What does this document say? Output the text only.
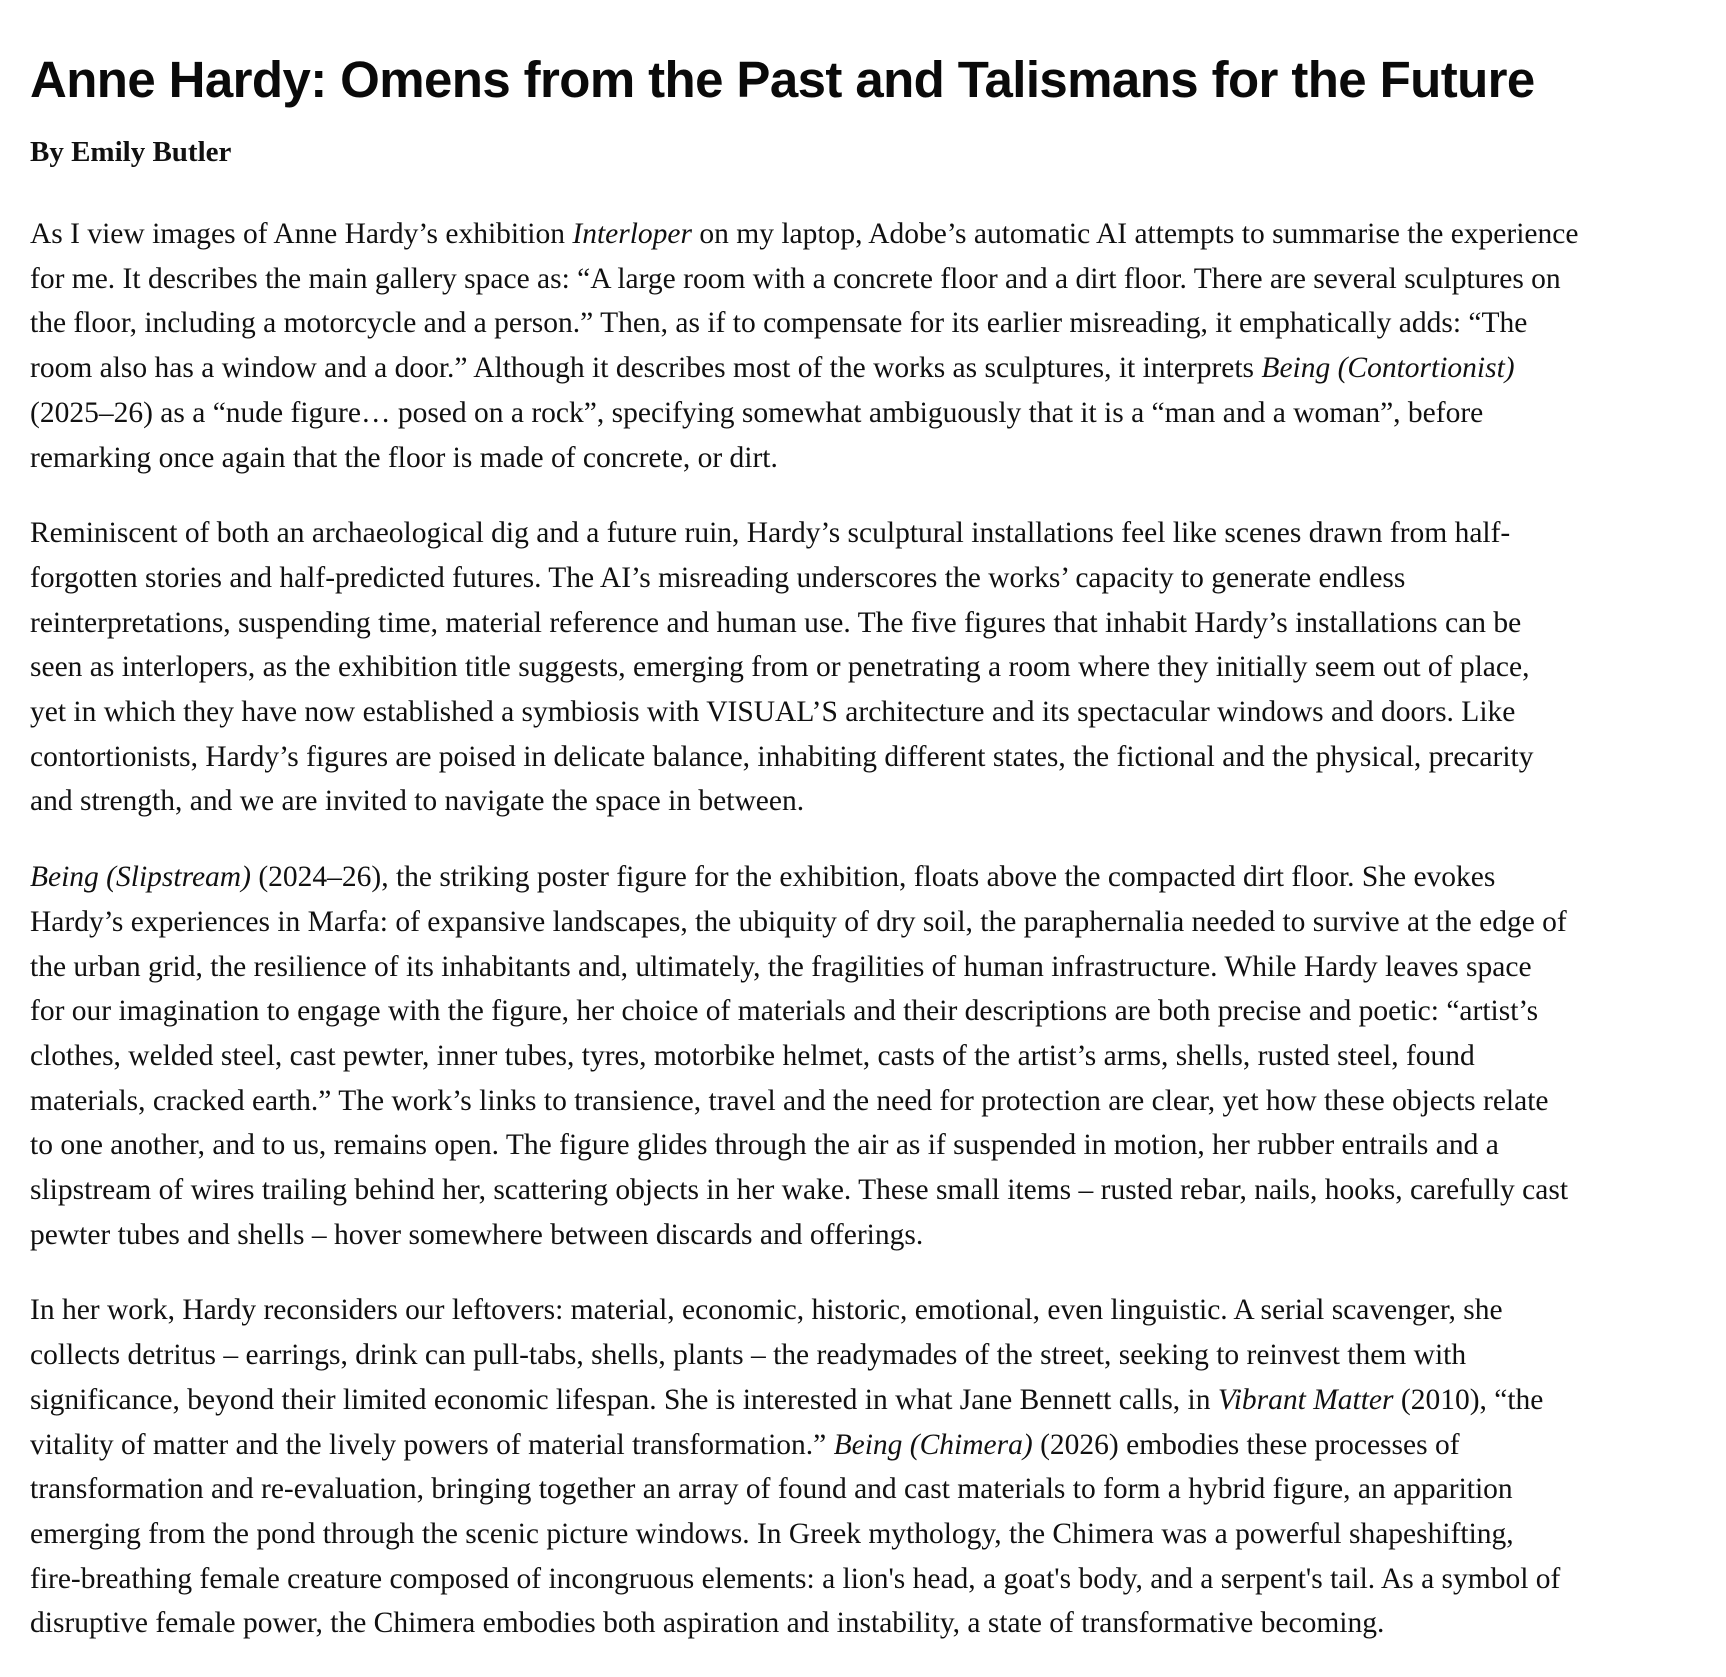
Anne Hardy: Omens from the Past and Talismans for the Future
By Emily Butler

As I view images of Anne Hardy’s exhibition Interloper on my laptop, Adobe’s automatic AI attempts to summarise the experience
for me. It describes the main gallery space as: “A large room with a concrete floor and a dirt floor. There are several sculptures on
the floor, including a motorcycle and a person.” Then, as if to compensate for its earlier misreading, it emphatically adds: “The
room also has a window and a door.” Although it describes most of the works as sculptures, it interprets Being (Contortionist)
(2025–26) as a “nude figure… posed on a rock”, specifying somewhat ambiguously that it is a “man and a woman”, before
remarking once again that the floor is made of concrete, or dirt.

Reminiscent of both an archaeological dig and a future ruin, Hardy’s sculptural installations feel like scenes drawn from half-
forgotten stories and half-predicted futures. The AI’s misreading underscores the works’ capacity to generate endless
reinterpretations, suspending time, material reference and human use. The five figures that inhabit Hardy’s installations can be
seen as interlopers, as the exhibition title suggests, emerging from or penetrating a room where they initially seem out of place,
yet in which they have now established a symbiosis with VISUAL’S architecture and its spectacular windows and doors. Like
contortionists, Hardy’s figures are poised in delicate balance, inhabiting different states, the fictional and the physical, precarity
and strength, and we are invited to navigate the space in between.

Being (Slipstream) (2024–26), the striking poster figure for the exhibition, floats above the compacted dirt floor. She evokes
Hardy’s experiences in Marfa: of expansive landscapes, the ubiquity of dry soil, the paraphernalia needed to survive at the edge of
the urban grid, the resilience of its inhabitants and, ultimately, the fragilities of human infrastructure. While Hardy leaves space
for our imagination to engage with the figure, her choice of materials and their descriptions are both precise and poetic: “artist’s
clothes, welded steel, cast pewter, inner tubes, tyres, motorbike helmet, casts of the artist’s arms, shells, rusted steel, found
materials, cracked earth.” The work’s links to transience, travel and the need for protection are clear, yet how these objects relate
to one another, and to us, remains open. The figure glides through the air as if suspended in motion, her rubber entrails and a
slipstream of wires trailing behind her, scattering objects in her wake. These small items – rusted rebar, nails, hooks, carefully cast
pewter tubes and shells – hover somewhere between discards and offerings.

In her work, Hardy reconsiders our leftovers: material, economic, historic, emotional, even linguistic. A serial scavenger, she
collects detritus – earrings, drink can pull-tabs, shells, plants – the readymades of the street, seeking to reinvest them with
significance, beyond their limited economic lifespan. She is interested in what Jane Bennett calls, in Vibrant Matter (2010), “the
vitality of matter and the lively powers of material transformation.” Being (Chimera) (2026) embodies these processes of
transformation and re-evaluation, bringing together an array of found and cast materials to form a hybrid figure, an apparition
emerging from the pond through the scenic picture windows. In Greek mythology, the Chimera was a powerful shapeshifting,
fire-breathing female creature composed of incongruous elements: a lion's head, a goat's body, and a serpent's tail. As a symbol of
disruptive female power, the Chimera embodies both aspiration and instability, a state of transformative becoming.
